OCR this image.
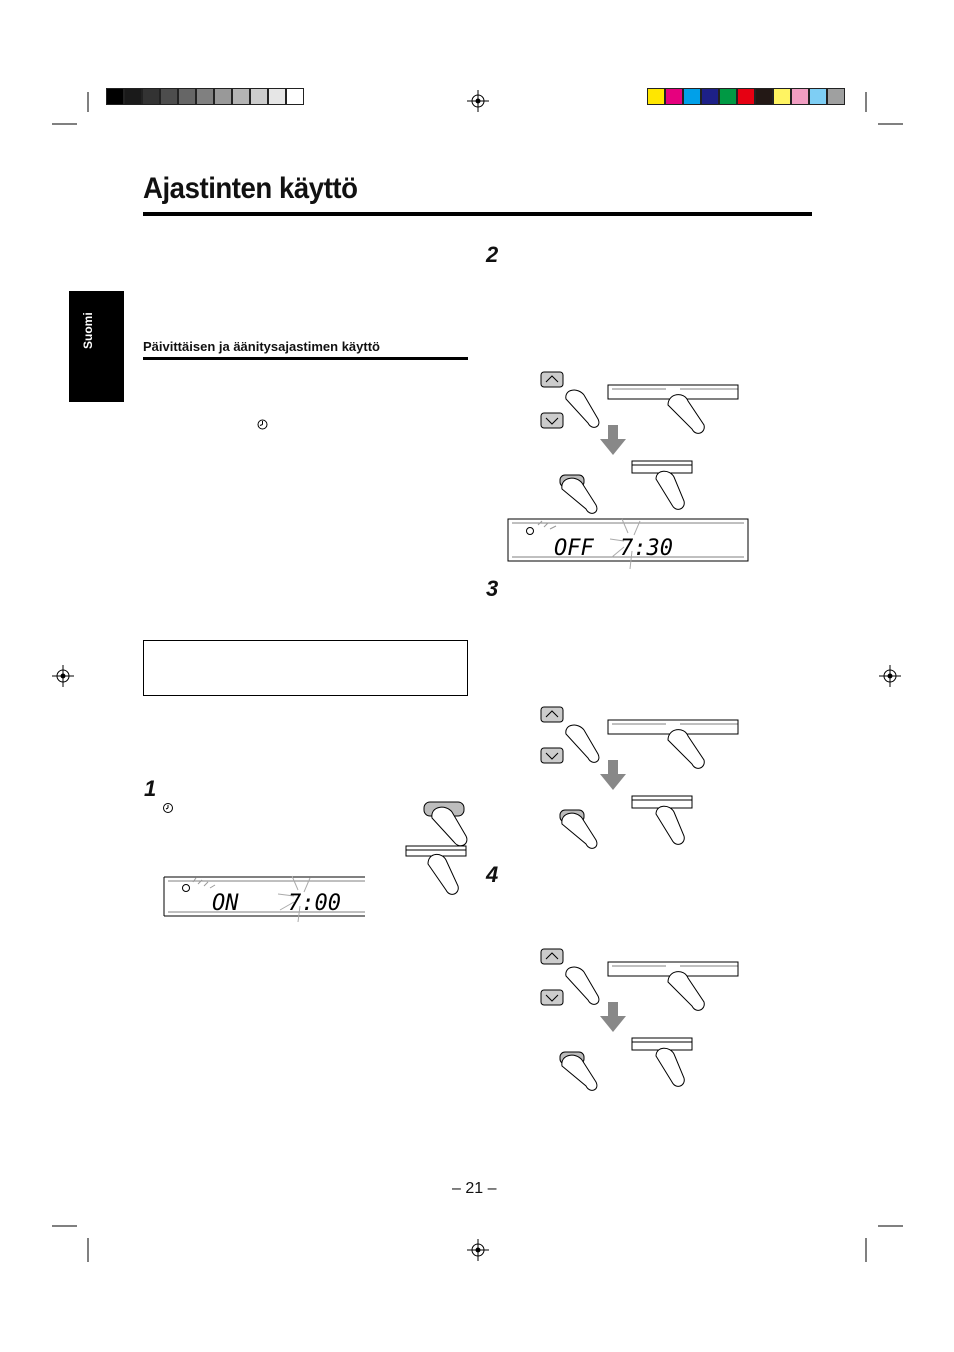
Ajastinten käyttö
Suomi	Päivittäisen ja äänitysajastimen käyttö
1
2
3
4
ON 7:00
OFF 7:30
– 21 –
